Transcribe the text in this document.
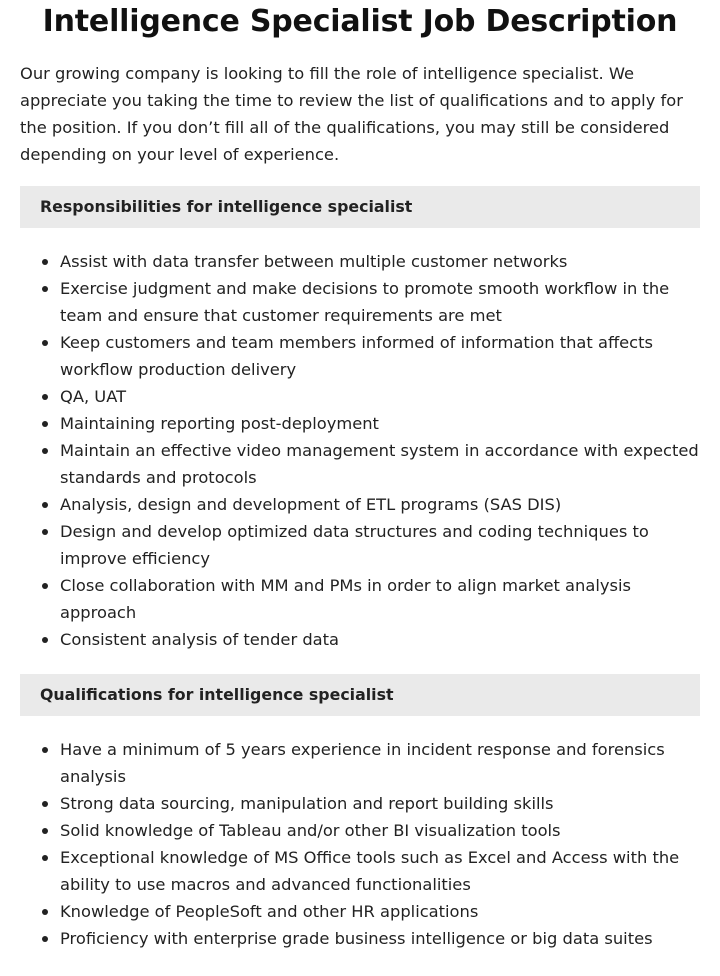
Intelligence Specialist Job Description

Our growing company is looking to fill the role of intelligence specialist. We appreciate you taking the time to review the list of qualifications and to apply for the position. If you don’t fill all of the qualifications, you may still be considered depending on your level of experience.

Responsibilities for intelligence specialist
Assist with data transfer between multiple customer networks
Exercise judgment and make decisions to promote smooth workflow in the team and ensure that customer requirements are met
Keep customers and team members informed of information that affects workflow production delivery
QA, UAT
Maintaining reporting post-deployment
Maintain an effective video management system in accordance with expected standards and protocols
Analysis, design and development of ETL programs (SAS DIS)
Design and develop optimized data structures and coding techniques to improve efficiency
Close collaboration with MM and PMs in order to align market analysis approach
Consistent analysis of tender data
Qualifications for intelligence specialist
Have a minimum of 5 years experience in incident response and forensics analysis
Strong data sourcing, manipulation and report building skills
Solid knowledge of Tableau and/or other BI visualization tools
Exceptional knowledge of MS Office tools such as Excel and Access with the ability to use macros and advanced functionalities
Knowledge of PeopleSoft and other HR applications
Proficiency with enterprise grade business intelligence or big data suites
